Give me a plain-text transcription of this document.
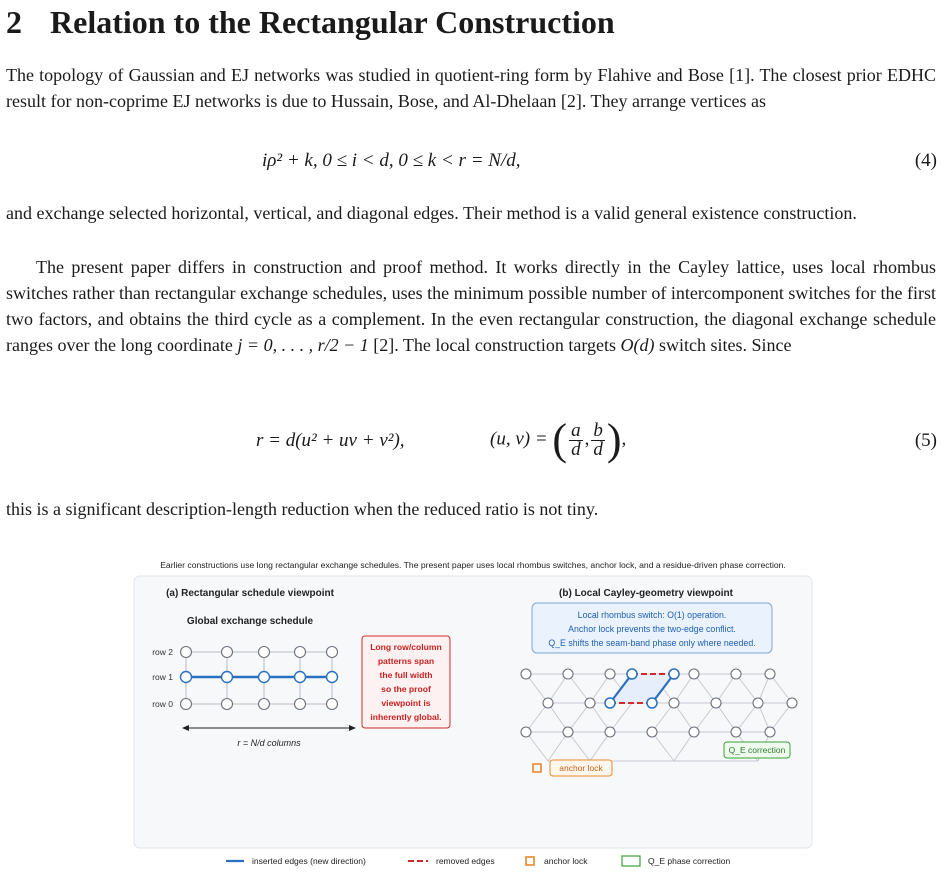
2 Relation to the Rectangular Construction

The topology of Gaussian and EJ networks was studied in quotient-ring form by Flahive and Bose [1]. The closest prior EDHC result for non-coprime EJ networks is due to Hussain, Bose, and Al-Dhelaan [2]. They arrange vertices as

iρ² + k, 0 ≤ i < d, 0 ≤ k < r = N/d,	(4)

and exchange selected horizontal, vertical, and diagonal edges. Their method is a valid general existence construction.

The present paper differs in construction and proof method. It works directly in the Cayley lattice, uses local rhombus switches rather than rectangular exchange schedules, uses the minimum possible number of intercomponent switches for the first two factors, and obtains the third cycle as a complement. In the even rectangular construction, the diagonal exchange schedule ranges over the long coordinate j = 0, . . . , r/2 − 1 [2]. The local construction targets O(d) switch sites. Since

r = d(u² + uv + v²),	(u, v) = ( $\frac{a}{d}$ , $\frac{b}{d}$ ),	(5)

this is a significant description-length reduction when the reduced ratio is not tiny.

Earlier constructions use long rectangular exchange schedules. The present paper uses local rhombus switches, anchor lock, and a residue-driven phase correction.
(a) Rectangular schedule viewpoint
Global exchange schedule
row 2
row 1
row 0
Long row/column
patterns span
the full width
so the proof
viewpoint is
inherently global.
r = N/d columns
(b) Local Cayley-geometry viewpoint
Local rhombus switch: O(1) operation.
Anchor lock prevents the two-edge conflict.
Q_E shifts the seam-band phase only where needed.
anchor lock
Q_E correction
inserted edges (new direction)	removed edges	anchor lock	Q_E phase correction
